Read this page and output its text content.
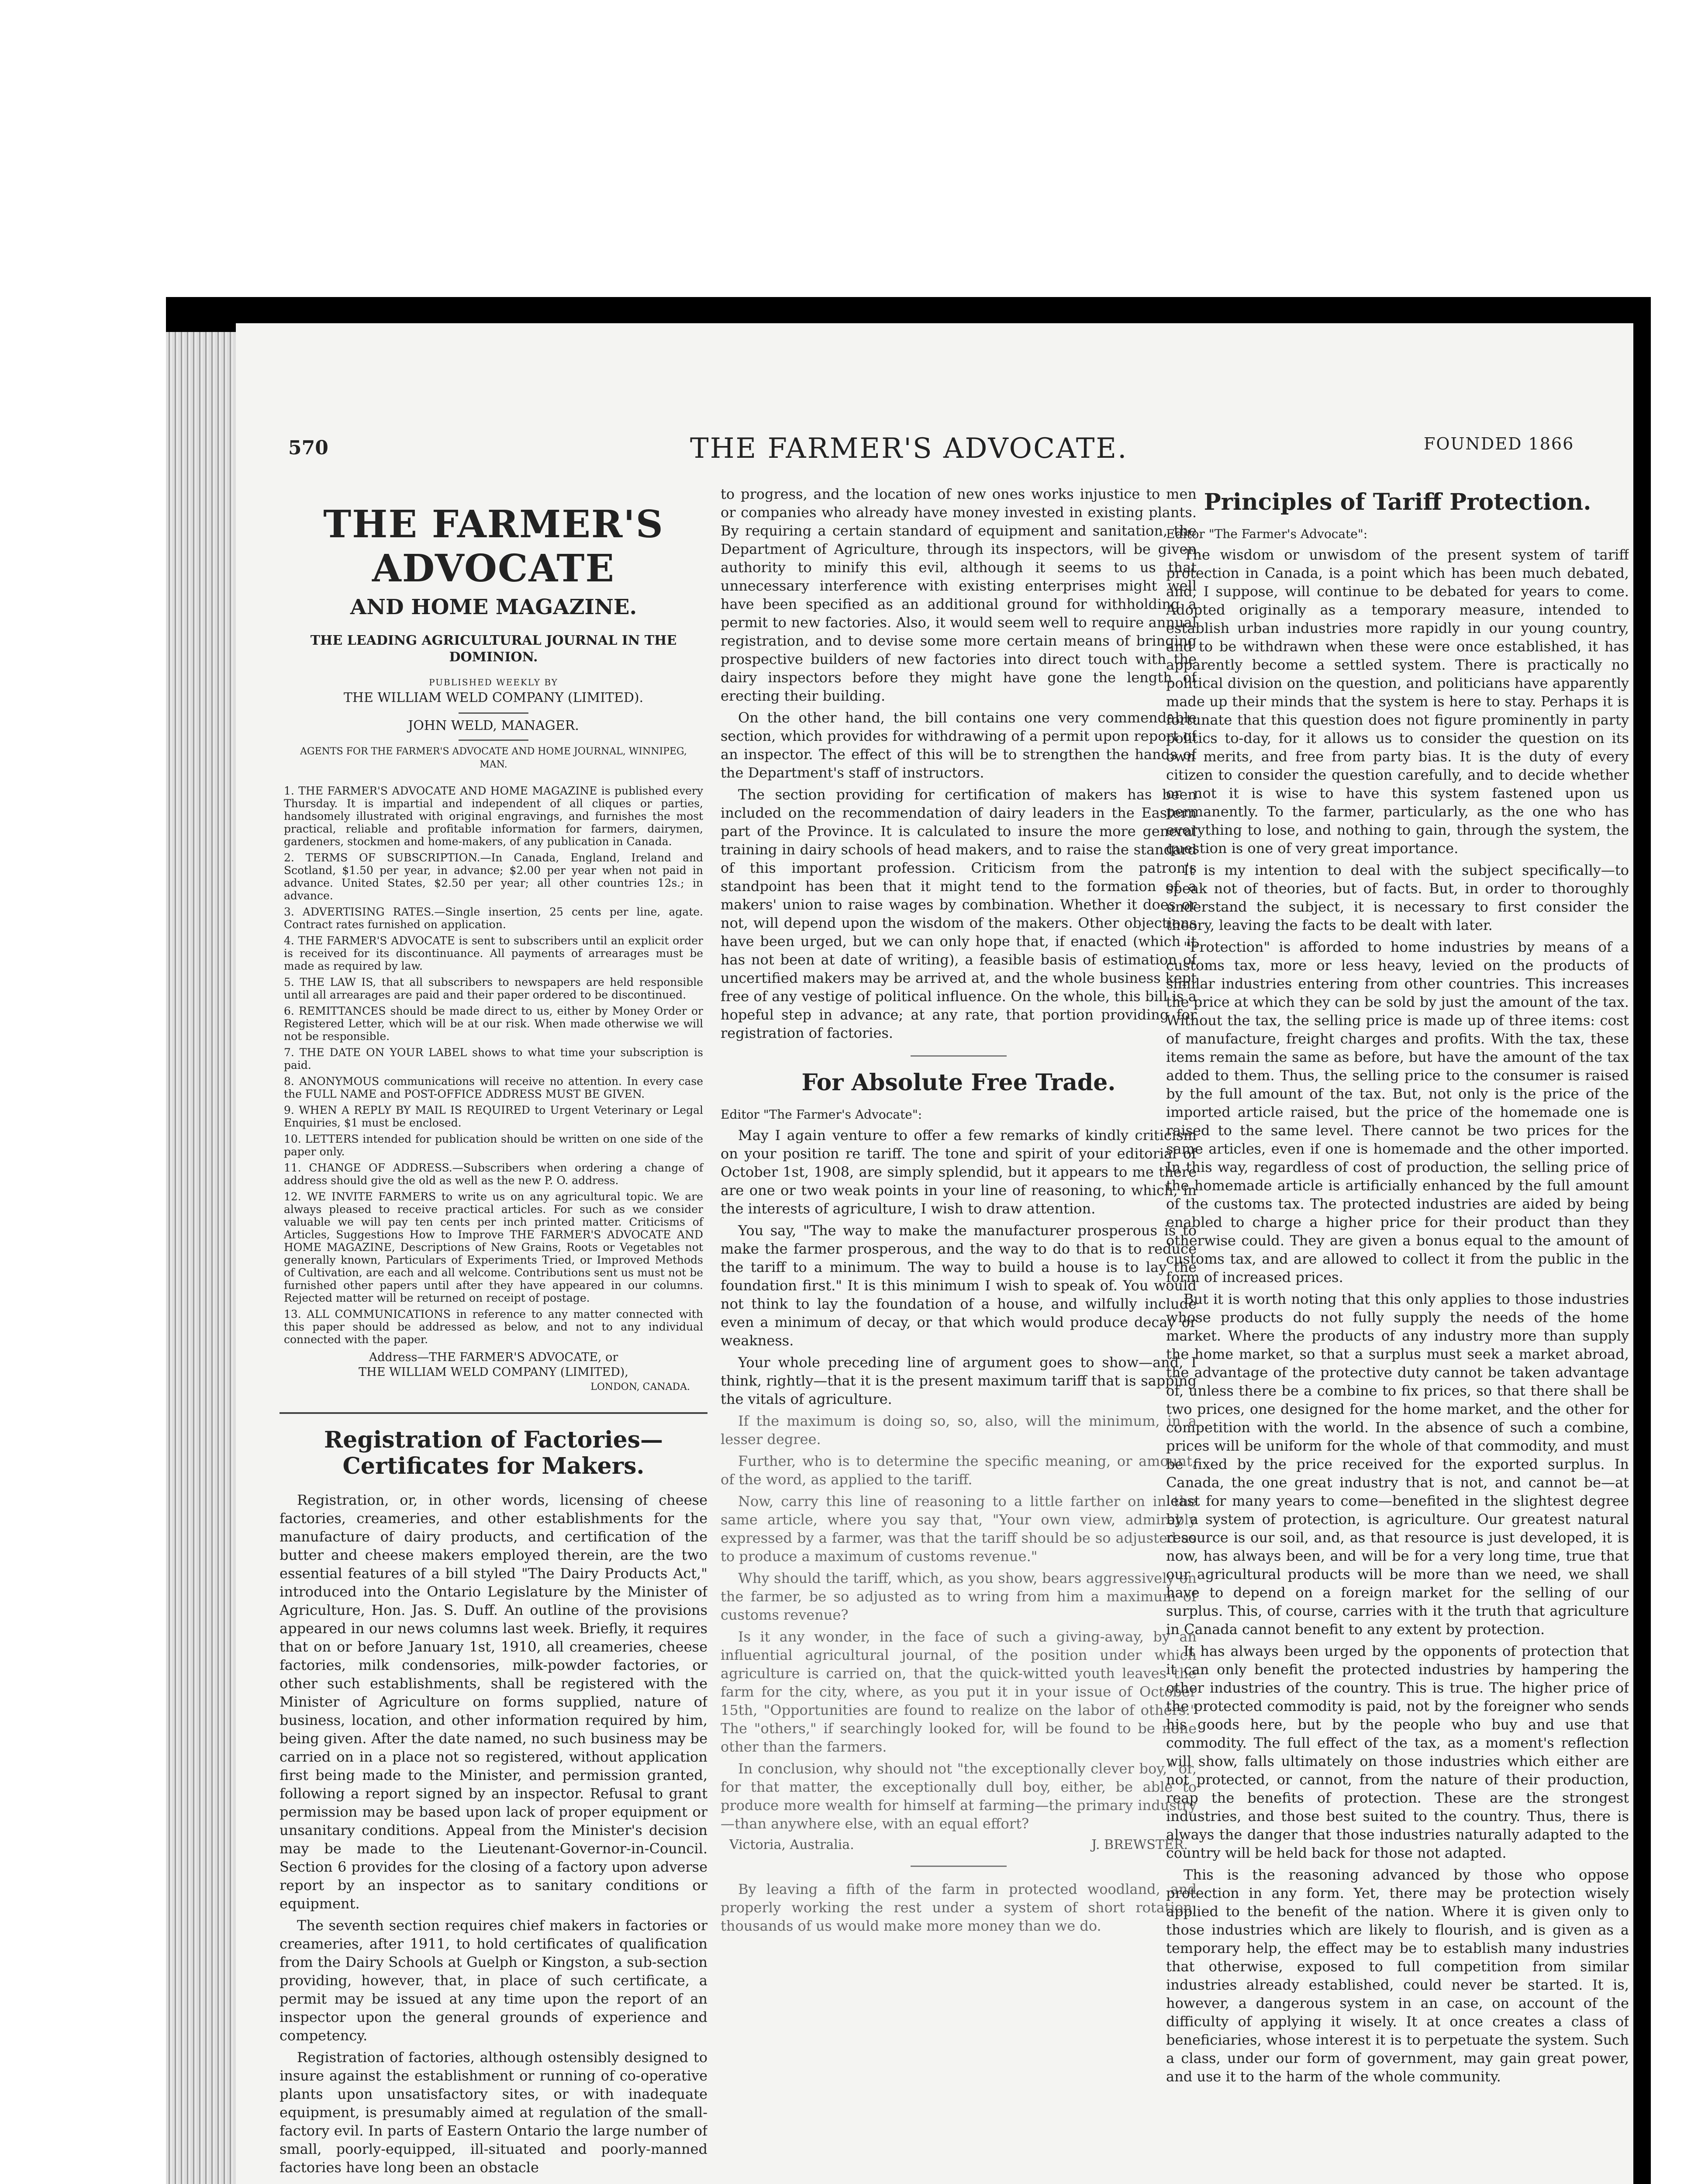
570	THE FARMER'S ADVOCATE.	FOUNDED 1866
THE FARMER'S ADVOCATE
AND HOME MAGAZINE.
THE LEADING AGRICULTURAL JOURNAL IN THE DOMINION.
PUBLISHED WEEKLY BY
THE WILLIAM WELD COMPANY (LIMITED).
JOHN WELD, MANAGER.
AGENTS FOR THE FARMER'S ADVOCATE AND HOME JOURNAL, WINNIPEG, MAN.
1. THE FARMER'S ADVOCATE AND HOME MAGAZINE is published every Thursday. It is impartial and independent of all cliques or parties, handsomely illustrated with original engravings, and furnishes the most practical, reliable and profitable information for farmers, dairymen, gardeners, stockmen and home-makers, of any publication in Canada.
2. TERMS OF SUBSCRIPTION.—In Canada, England, Ireland and Scotland, $1.50 per year, in advance; $2.00 per year when not paid in advance. United States, $2.50 per year; all other countries 12s.; in advance.
3. ADVERTISING RATES.—Single insertion, 25 cents per line, agate. Contract rates furnished on application.
4. THE FARMER'S ADVOCATE is sent to subscribers until an explicit order is received for its discontinuance. All payments of arrearages must be made as required by law.
5. THE LAW IS, that all subscribers to newspapers are held responsible until all arrearages are paid and their paper ordered to be discontinued.
6. REMITTANCES should be made direct to us, either by Money Order or Registered Letter, which will be at our risk. When made otherwise we will not be responsible.
7. THE DATE ON YOUR LABEL shows to what time your subscription is paid.
8. ANONYMOUS communications will receive no attention. In every case the FULL NAME and POST-OFFICE ADDRESS MUST BE GIVEN.
9. WHEN A REPLY BY MAIL IS REQUIRED to Urgent Veterinary or Legal Enquiries, $1 must be enclosed.
10. LETTERS intended for publication should be written on one side of the paper only.
11. CHANGE OF ADDRESS.—Subscribers when ordering a change of address should give the old as well as the new P. O. address.
12. WE INVITE FARMERS to write us on any agricultural topic. We are always pleased to receive practical articles. For such as we consider valuable we will pay ten cents per inch printed matter. Criticisms of Articles, Suggestions How to Improve THE FARMER'S ADVOCATE AND HOME MAGAZINE, Descriptions of New Grains, Roots or Vegetables not generally known, Particulars of Experiments Tried, or Improved Methods of Cultivation, are each and all welcome. Contributions sent us must not be furnished other papers until after they have appeared in our columns. Rejected matter will be returned on receipt of postage.
13. ALL COMMUNICATIONS in reference to any matter connected with this paper should be addressed as below, and not to any individual connected with the paper.
Address—THE FARMER'S ADVOCATE, or
THE WILLIAM WELD COMPANY (LIMITED),
LONDON, CANADA.
Registration of Factories—Certificates for Makers.

Registration, or, in other words, licensing of cheese factories, creameries, and other establishments for the manufacture of dairy products, and certification of the butter and cheese makers employed therein, are the two essential features of a bill styled "The Dairy Products Act," introduced into the Ontario Legislature by the Minister of Agriculture, Hon. Jas. S. Duff. An outline of the provisions appeared in our news columns last week. Briefly, it requires that on or before January 1st, 1910, all creameries, cheese factories, milk condensories, milk-powder factories, or other such establishments, shall be registered with the Minister of Agriculture on forms supplied, nature of business, location, and other information required by him, being given. After the date named, no such business may be carried on in a place not so registered, without application first being made to the Minister, and permission granted, following a report signed by an inspector. Refusal to grant permission may be based upon lack of proper equipment or unsanitary conditions. Appeal from the Minister's decision may be made to the Lieutenant-Governor-in-Council. Section 6 provides for the closing of a factory upon adverse report by an inspector as to sanitary conditions or equipment.

The seventh section requires chief makers in factories or creameries, after 1911, to hold certificates of qualification from the Dairy Schools at Guelph or Kingston, a sub-section providing, however, that, in place of such certificate, a permit may be issued at any time upon the report of an inspector upon the general grounds of experience and competency.

Registration of factories, although ostensibly designed to insure against the establishment or running of co-operative plants upon unsatisfactory sites, or with inadequate equipment, is presumably aimed at regulation of the small-factory evil. In parts of Eastern Ontario the large number of small, poorly-equipped, ill-situated and poorly-manned factories have long been an obstacle

to progress, and the location of new ones works injustice to men or companies who already have money invested in existing plants. By requiring a certain standard of equipment and sanitation, the Department of Agriculture, through its inspectors, will be given authority to minify this evil, although it seems to us that unnecessary interference with existing enterprises might well have been specified as an additional ground for withholding a permit to new factories. Also, it would seem well to require annual registration, and to devise some more certain means of bringing prospective builders of new factories into direct touch with the dairy inspectors before they might have gone the length of erecting their building.

On the other hand, the bill contains one very commendable section, which provides for withdrawing of a permit upon report of an inspector. The effect of this will be to strengthen the hands of the Department's staff of instructors.

The section providing for certification of makers has been included on the recommendation of dairy leaders in the Eastern part of the Province. It is calculated to insure the more general training in dairy schools of head makers, and to raise the standard of this important profession. Criticism from the patron's standpoint has been that it might tend to the formation of a makers' union to raise wages by combination. Whether it does or not, will depend upon the wisdom of the makers. Other objections have been urged, but we can only hope that, if enacted (which it has not been at date of writing), a feasible basis of estimation of uncertified makers may be arrived at, and the whole business kept free of any vestige of political influence. On the whole, this bill is a hopeful step in advance; at any rate, that portion providing for registration of factories.

For Absolute Free Trade.
Editor "The Farmer's Advocate":

May I again venture to offer a few remarks of kindly criticism on your position re tariff. The tone and spirit of your editorial of October 1st, 1908, are simply splendid, but it appears to me there are one or two weak points in your line of reasoning, to which, in the interests of agriculture, I wish to draw attention.

You say, "The way to make the manufacturer prosperous is to make the farmer prosperous, and the way to do that is to reduce the tariff to a minimum. The way to build a house is to lay the foundation first." It is this minimum I wish to speak of. You would not think to lay the foundation of a house, and wilfully include even a minimum of decay, or that which would produce decay or weakness.

Your whole preceding line of argument goes to show—and, I think, rightly—that it is the present maximum tariff that is sapping the vitals of agriculture.

If the maximum is doing so, so, also, will the minimum, in a lesser degree.

Further, who is to determine the specific meaning, or amount, of the word, as applied to the tariff.

Now, carry this line of reasoning to a little farther on in the same article, where you say that, "Your own view, admirably expressed by a farmer, was that the tariff should be so adjusted as to produce a maximum of customs revenue."

Why should the tariff, which, as you show, bears aggressively on the farmer, be so adjusted as to wring from him a maximum of customs revenue?

Is it any wonder, in the face of such a giving-away, by an influential agricultural journal, of the position under which agriculture is carried on, that the quick-witted youth leaves the farm for the city, where, as you put it in your issue of October 15th, "Opportunities are found to realize on the labor of others." The "others," if searchingly looked for, will be found to be none other than the farmers.

In conclusion, why should not "the exceptionally clever boy," or, for that matter, the exceptionally dull boy, either, be able to produce more wealth for himself at farming—the primary industry—than anywhere else, with an equal effort?

Victoria, Australia.	J. BREWSTER.

By leaving a fifth of the farm in protected woodland, and properly working the rest under a system of short rotation, thousands of us would make more money than we do.

Principles of Tariff Protection.
Editor "The Farmer's Advocate":

The wisdom or unwisdom of the present system of tariff protection in Canada, is a point which has been much debated, and, I suppose, will continue to be debated for years to come. Adopted originally as a temporary measure, intended to establish urban industries more rapidly in our young country, and to be withdrawn when these were once established, it has apparently become a settled system. There is practically no political division on the question, and politicians have apparently made up their minds that the system is here to stay. Perhaps it is fortunate that this question does not figure prominently in party politics to-day, for it allows us to consider the question on its own merits, and free from party bias. It is the duty of every citizen to consider the question carefully, and to decide whether or not it is wise to have this system fastened upon us permanently. To the farmer, particularly, as the one who has everything to lose, and nothing to gain, through the system, the question is one of very great importance.

It is my intention to deal with the subject specifically—to speak not of theories, but of facts. But, in order to thoroughly understand the subject, it is necessary to first consider the theory, leaving the facts to be dealt with later.

"Protection" is afforded to home industries by means of a customs tax, more or less heavy, levied on the products of similar industries entering from other countries. This increases the price at which they can be sold by just the amount of the tax. Without the tax, the selling price is made up of three items: cost of manufacture, freight charges and profits. With the tax, these items remain the same as before, but have the amount of the tax added to them. Thus, the selling price to the consumer is raised by the full amount of the tax. But, not only is the price of the imported article raised, but the price of the homemade one is raised to the same level. There cannot be two prices for the same articles, even if one is homemade and the other imported. In this way, regardless of cost of production, the selling price of the homemade article is artificially enhanced by the full amount of the customs tax. The protected industries are aided by being enabled to charge a higher price for their product than they otherwise could. They are given a bonus equal to the amount of customs tax, and are allowed to collect it from the public in the form of increased prices.

But it is worth noting that this only applies to those industries whose products do not fully supply the needs of the home market. Where the products of any industry more than supply the home market, so that a surplus must seek a market abroad, the advantage of the protective duty cannot be taken advantage of, unless there be a combine to fix prices, so that there shall be two prices, one designed for the home market, and the other for competition with the world. In the absence of such a combine, prices will be uniform for the whole of that commodity, and must be fixed by the price received for the exported surplus. In Canada, the one great industry that is not, and cannot be—at least for many years to come—benefited in the slightest degree by a system of protection, is agriculture. Our greatest natural resource is our soil, and, as that resource is just developed, it is now, has always been, and will be for a very long time, true that our agricultural products will be more than we need, we shall have to depend on a foreign market for the selling of our surplus. This, of course, carries with it the truth that agriculture in Canada cannot benefit to any extent by protection.

It has always been urged by the opponents of protection that it can only benefit the protected industries by hampering the other industries of the country. This is true. The higher price of the protected commodity is paid, not by the foreigner who sends his goods here, but by the people who buy and use that commodity. The full effect of the tax, as a moment's reflection will show, falls ultimately on those industries which either are not protected, or cannot, from the nature of their production, reap the benefits of protection. These are the strongest industries, and those best suited to the country. Thus, there is always the danger that those industries naturally adapted to the country will be held back for those not adapted.

This is the reasoning advanced by those who oppose protection in any form. Yet, there may be protection wisely applied to the benefit of the nation. Where it is given only to those industries which are likely to flourish, and is given as a temporary help, the effect may be to establish many industries that otherwise, exposed to full competition from similar industries already established, could never be started. It is, however, a dangerous system in an case, on account of the difficulty of applying it wisely. It at once creates a class of beneficiaries, whose interest it is to perpetuate the system. Such a class, under our form of government, may gain great power, and use it to the harm of the whole community.
